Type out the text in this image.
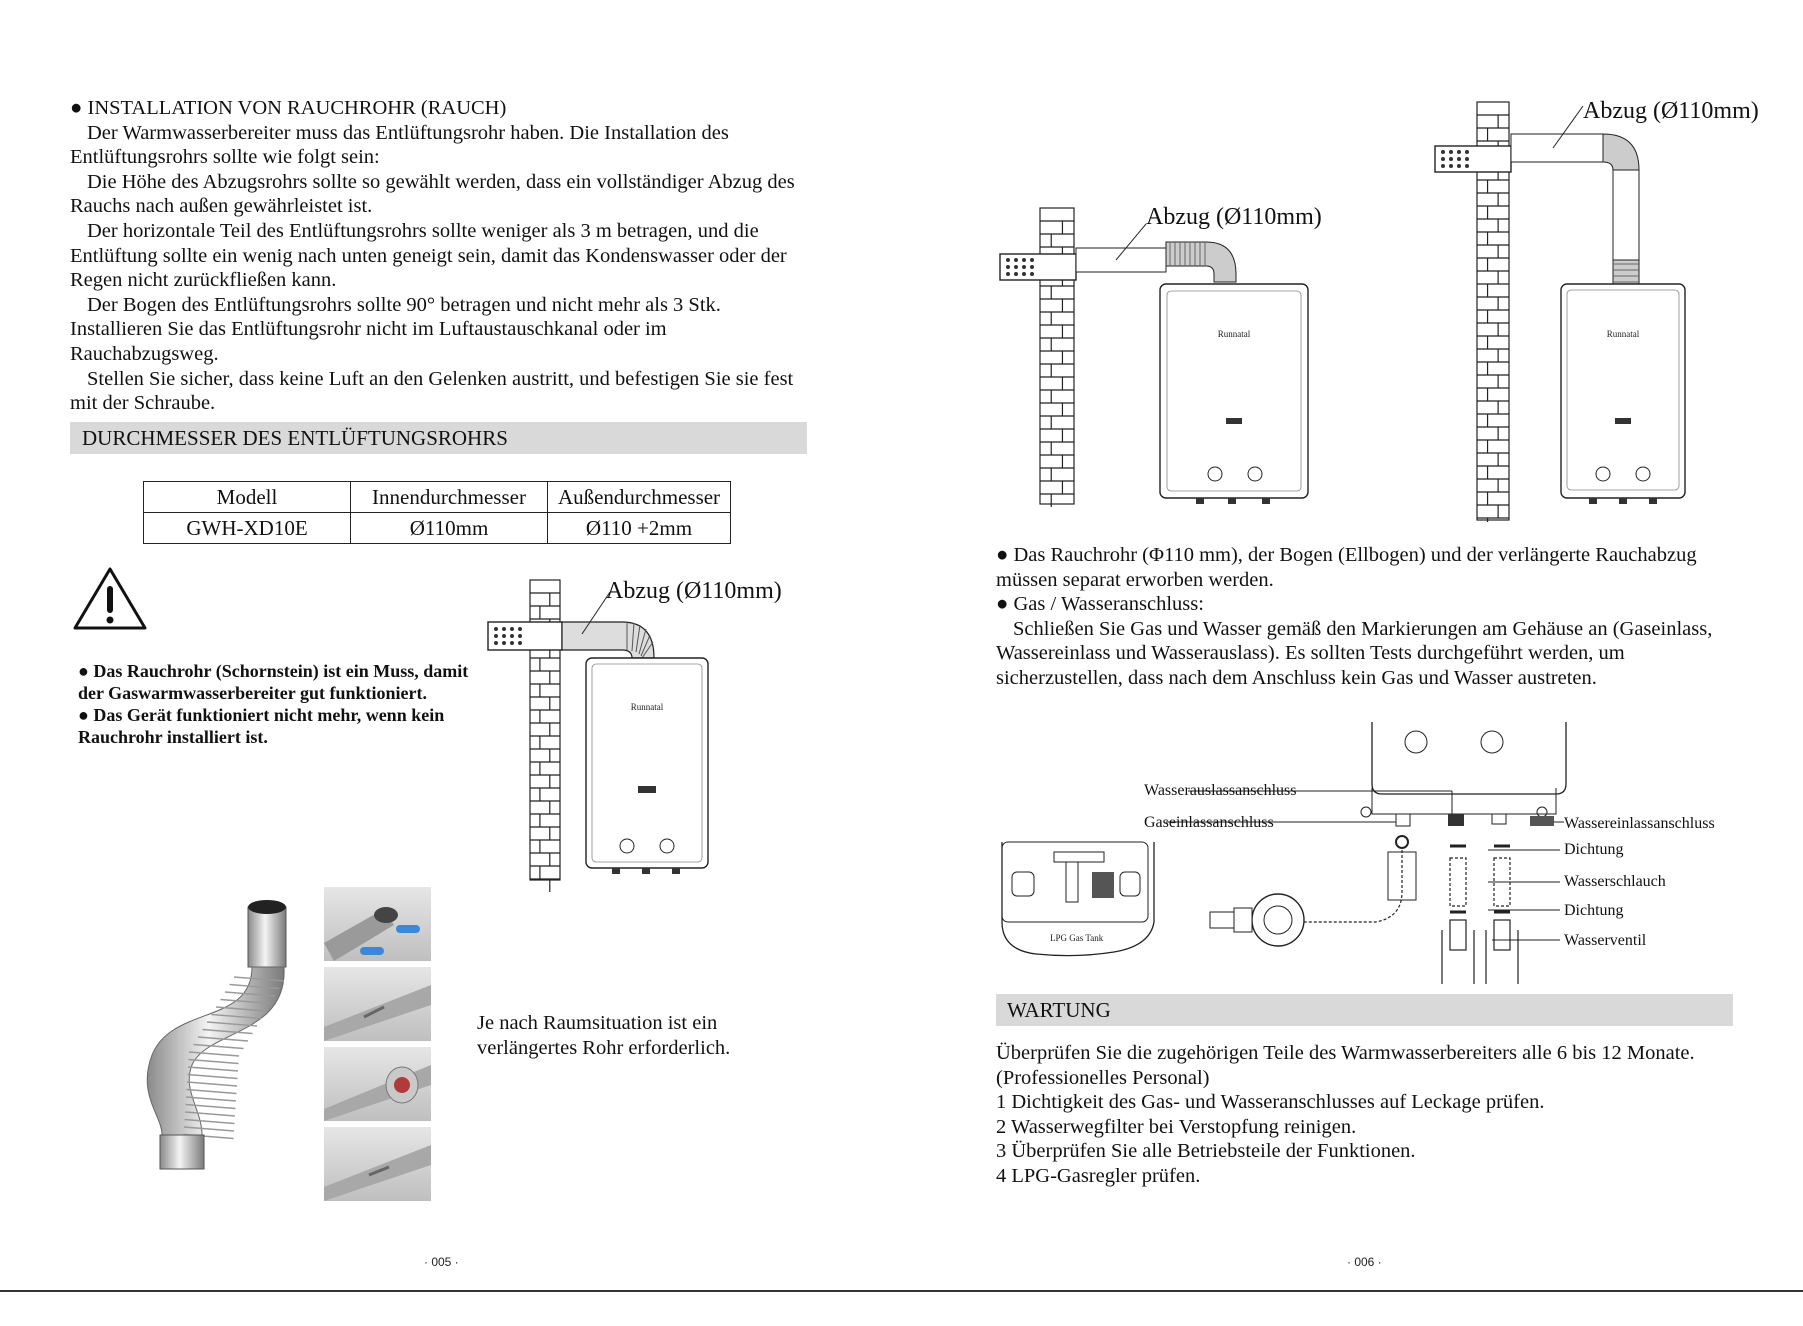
● INSTALLATION VON RAUCHROHR (RAUCH)

Der Warmwasserbereiter muss das Entlüftungsrohr haben. Die Installation des Entlüftungsrohrs sollte wie folgt sein:

Die Höhe des Abzugsrohrs sollte so gewählt werden, dass ein vollständiger Abzug des Rauchs nach außen gewährleistet ist.

Der horizontale Teil des Entlüftungsrohrs sollte weniger als 3 m betragen, und die Entlüftung sollte ein wenig nach unten geneigt sein, damit das Kondenswasser oder der Regen nicht zurückfließen kann.

Der Bogen des Entlüftungsrohrs sollte 90° betragen und nicht mehr als 3 Stk. Installieren Sie das Entlüftungsrohr nicht im Luftaustauschkanal oder im Rauchabzugsweg.

Stellen Sie sicher, dass keine Luft an den Gelenken austritt, und befestigen Sie sie fest mit der Schraube.

DURCHMESSER DES ENTLÜFTUNGSROHRS
Modell	Innendurchmesser	Außendurchmesser
GWH-XD10E	Ø110mm	Ø110 +2mm

● Das Rauchrohr (Schornstein) ist ein Muss, damit der Gaswarmwasserbereiter gut funktioniert.

● Das Gerät funktioniert nicht mehr, wenn kein Rauchrohr installiert ist.

Abzug (Ø110mm)
Runnatal
Je nach Raumsituation ist ein verlängertes Rohr erforderlich.
· 005 ·
Abzug (Ø110mm)
Runnatal
Abzug (Ø110mm)
Runnatal

● Das Rauchrohr (Φ110 mm), der Bogen (Ellbogen) und der verlängerte Rauchabzug müssen separat erworben werden.

● Gas / Wasseranschluss:

Schließen Sie Gas und Wasser gemäß den Markierungen am Gehäuse an (Gaseinlass, Wassereinlass und Wasserauslass). Es sollten Tests durchgeführt werden, um sicherzustellen, dass nach dem Anschluss kein Gas und Wasser austreten.

Wasserauslassanschluss
Gaseinlassanschluss	Wassereinlassanschluss
Dichtung
Wasserschlauch
Dichtung
Wasserventil
LPG Gas Tank
WARTUNG

Überprüfen Sie die zugehörigen Teile des Warmwasserbereiters alle 6 bis 12 Monate.

(Professionelles Personal)

1 Dichtigkeit des Gas- und Wasseranschlusses auf Leckage prüfen.

2 Wasserwegfilter bei Verstopfung reinigen.

3 Überprüfen Sie alle Betriebsteile der Funktionen.

4 LPG-Gasregler prüfen.

· 006 ·
